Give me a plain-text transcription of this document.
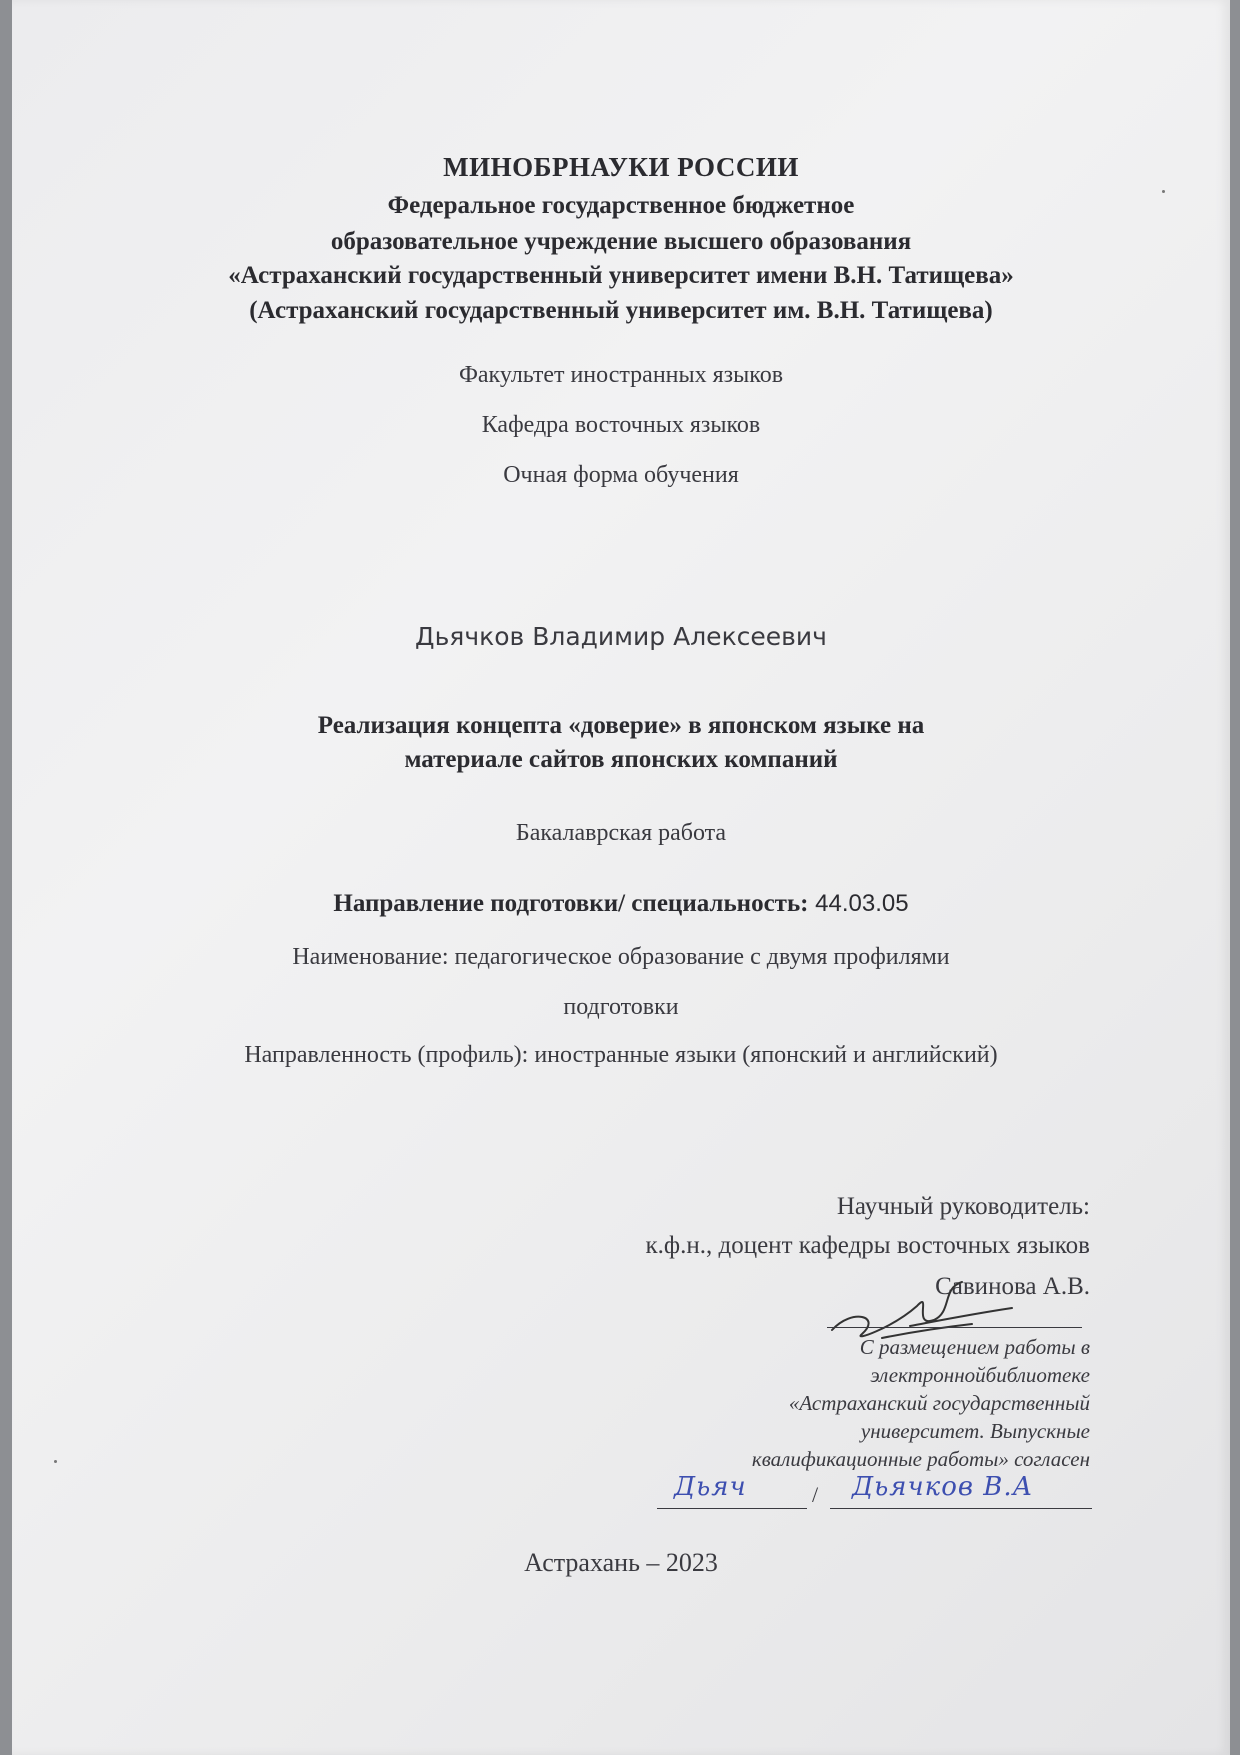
МИНОБРНАУКИ РОССИИ
Федеральное государственное бюджетное
образовательное учреждение высшего образования
«Астраханский государственный университет имени В.Н. Татищева»
(Астраханский государственный университет им. В.Н. Татищева)
Факультет иностранных языков
Кафедра восточных языков
Очная форма обучения
Дьячков Владимир Алексеевич
Реализация концепта «доверие» в японском языке на
материале сайтов японских компаний
Бакалаврская работа
Направление подготовки/ специальность: 44.03.05
Наименование: педагогическое образование с двумя профилями
подготовки
Направленность (профиль): иностранные языки (японский и английский)
Научный руководитель:
к.ф.н., доцент кафедры восточных языков
Савинова А.В.
С размещением работы в
электроннойбиблиотеке
«Астраханский государственный
университет. Выпускные
квалификационные работы» согласен
Дьяч	/ Дьячков В.А
Астрахань – 2023
